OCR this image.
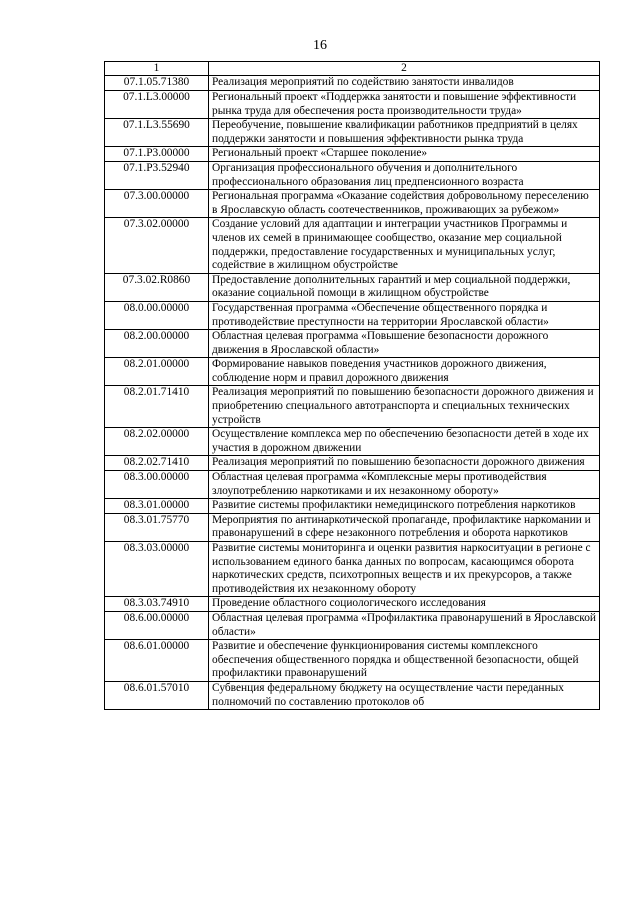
16
1	2
07.1.05.71380	Реализация мероприятий по содействию занятости инвалидов
07.1.L3.00000	Региональный проект «Поддержка занятости и повышение эффективности рынка труда для обеспечения роста производительности труда»
07.1.L3.55690	Переобучение, повышение квалификации работников предприятий в целях поддержки занятости и повышения эффективности рынка труда
07.1.P3.00000	Региональный проект «Старшее поколение»
07.1.P3.52940	Организация профессионального обучения и дополнительного профессионального образования лиц предпенсионного возраста
07.3.00.00000	Региональная программа «Оказание содействия добровольному переселению в Ярославскую область соотечественников, проживающих за рубежом»
07.3.02.00000	Создание условий для адаптации и интеграции участников Программы и членов их семей в принимающее сообщество, оказание мер социальной поддержки, предоставление государственных и муниципальных услуг, содействие в жилищном обустройстве
07.3.02.R0860	Предоставление дополнительных гарантий и мер социальной поддержки, оказание социальной помощи в жилищном обустройстве
08.0.00.00000	Государственная программа «Обеспечение общественного порядка и противодействие преступности на территории Ярославской области»
08.2.00.00000	Областная целевая программа «Повышение безопасности дорожного движения в Ярославской области»
08.2.01.00000	Формирование навыков поведения участников дорожного движения, соблюдение норм и правил дорожного движения
08.2.01.71410	Реализация мероприятий по повышению безопасности дорожного движения и приобретению специального автотранспорта и специальных технических устройств
08.2.02.00000	Осуществление комплекса мер по обеспечению безопасности детей в ходе их участия в дорожном движении
08.2.02.71410	Реализация мероприятий по повышению безопасности дорожного движения
08.3.00.00000	Областная целевая программа «Комплексные меры противодействия злоупотреблению наркотиками и их незаконному обороту»
08.3.01.00000	Развитие системы профилактики немедицинского потребления наркотиков
08.3.01.75770	Мероприятия по антинаркотической пропаганде, профилактике наркомании и правонарушений в сфере незаконного потребления и оборота наркотиков
08.3.03.00000	Развитие системы мониторинга и оценки развития наркоситуации в регионе с использованием единого банка данных по вопросам, касающимся оборота наркотических средств, психотропных веществ и их прекурсоров, а также противодействия их незаконному обороту
08.3.03.74910	Проведение областного социологического исследования
08.6.00.00000	Областная целевая программа «Профилактика правонарушений в Ярославской области»
08.6.01.00000	Развитие и обеспечение функционирования системы комплексного обеспечения общественного порядка и общественной безопасности, общей профилактики правонарушений
08.6.01.57010	Субвенция федеральному бюджету на осуществление части переданных полномочий по составлению протоколов об
